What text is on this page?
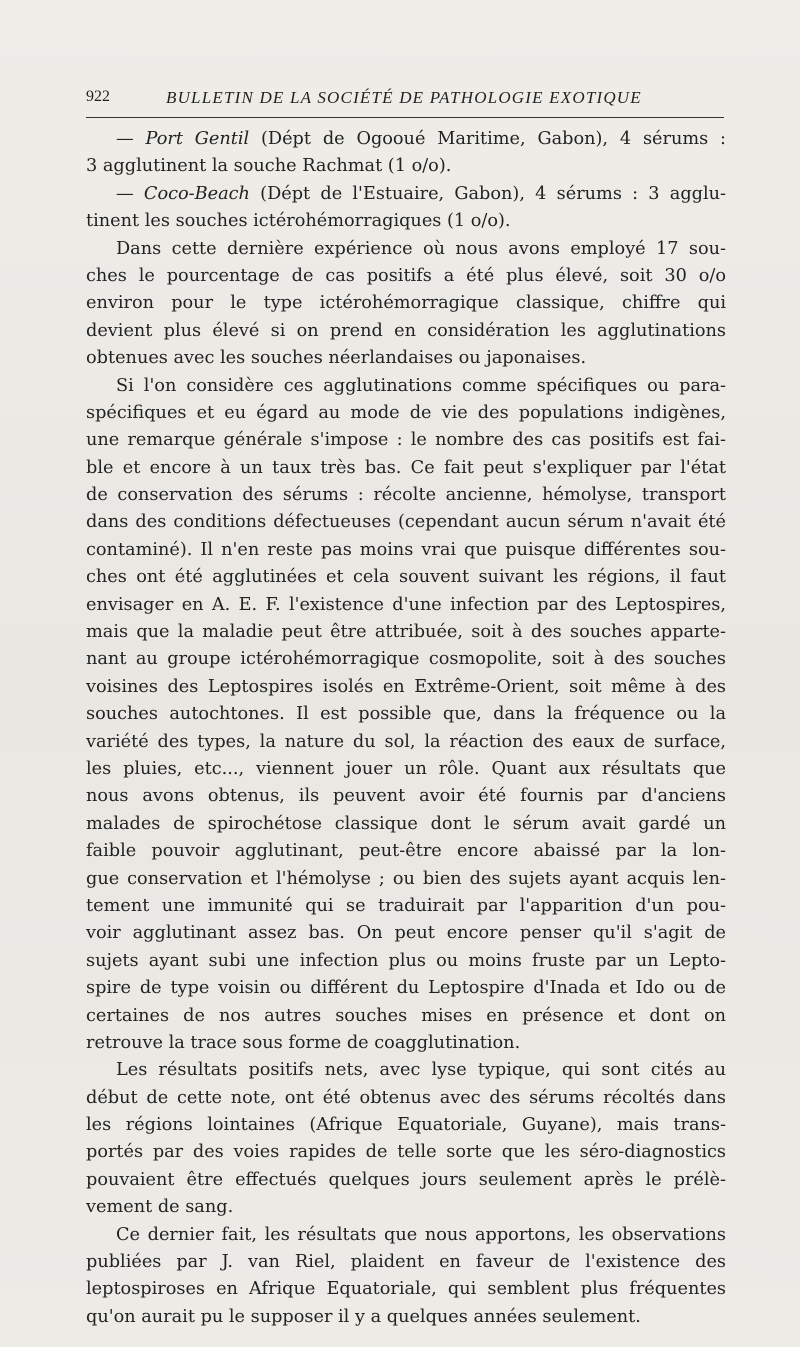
922	BULLETIN DE LA SOCIÉTÉ DE PATHOLOGIE EXOTIQUE
— Port Gentil (Dépt de Ogooué Maritime, Gabon), 4 sérums :
3 agglutinent la souche Rachmat (1 o/o).
— Coco-Beach (Dépt de l'Estuaire, Gabon), 4 sérums : 3 agglu-
tinent les souches ictérohémorragiques (1 o/o).
Dans cette dernière expérience où nous avons employé 17 sou-
ches le pourcentage de cas positifs a été plus élevé, soit 30 o/o
environ pour le type ictérohémorragique classique, chiffre qui
devient plus élevé si on prend en considération les agglutinations
obtenues avec les souches néerlandaises ou japonaises.
Si l'on considère ces agglutinations comme spécifiques ou para-
spécifiques et eu égard au mode de vie des populations indigènes,
une remarque générale s'impose : le nombre des cas positifs est fai-
ble et encore à un taux très bas. Ce fait peut s'expliquer par l'état
de conservation des sérums : récolte ancienne, hémolyse, transport
dans des conditions défectueuses (cependant aucun sérum n'avait été
contaminé). Il n'en reste pas moins vrai que puisque différentes sou-
ches ont été agglutinées et cela souvent suivant les régions, il faut
envisager en A. E. F. l'existence d'une infection par des Leptospires,
mais que la maladie peut être attribuée, soit à des souches apparte-
nant au groupe ictérohémorragique cosmopolite, soit à des souches
voisines des Leptospires isolés en Extrême-Orient, soit même à des
souches autochtones. Il est possible que, dans la fréquence ou la
variété des types, la nature du sol, la réaction des eaux de surface,
les pluies, etc..., viennent jouer un rôle. Quant aux résultats que
nous avons obtenus, ils peuvent avoir été fournis par d'anciens
malades de spirochétose classique dont le sérum avait gardé un
faible pouvoir agglutinant, peut-être encore abaissé par la lon-
gue conservation et l'hémolyse ; ou bien des sujets ayant acquis len-
tement une immunité qui se traduirait par l'apparition d'un pou-
voir agglutinant assez bas. On peut encore penser qu'il s'agit de
sujets ayant subi une infection plus ou moins fruste par un Lepto-
spire de type voisin ou différent du Leptospire d'Inada et Ido ou de
certaines de nos autres souches mises en présence et dont on
retrouve la trace sous forme de coagglutination.
Les résultats positifs nets, avec lyse typique, qui sont cités au
début de cette note, ont été obtenus avec des sérums récoltés dans
les régions lointaines (Afrique Equatoriale, Guyane), mais trans-
portés par des voies rapides de telle sorte que les séro-diagnostics
pouvaient être effectués quelques jours seulement après le prélè-
vement de sang.
Ce dernier fait, les résultats que nous apportons, les observations
publiées par J. van Riel, plaident en faveur de l'existence des
leptospiroses en Afrique Equatoriale, qui semblent plus fréquentes
qu'on aurait pu le supposer il y a quelques années seulement.
